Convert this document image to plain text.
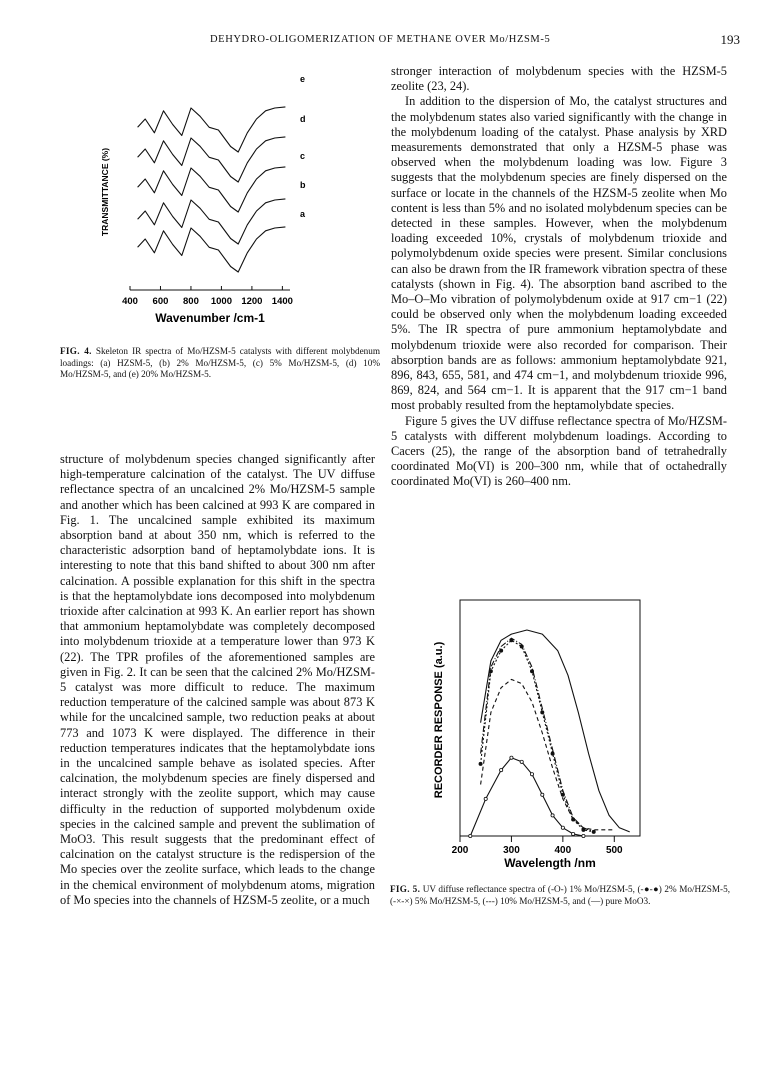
DEHYDRO-OLIGOMERIZATION OF METHANE OVER Mo/HZSM-5	193
TRANSMITTANCE (%)
e
d
c
b
a
400 600 800 1000 1200 1400
Wavenumber /cm-1
FIG. 4. Skeleton IR spectra of Mo/HZSM-5 catalysts with different molybdenum loadings: (a) HZSM-5, (b) 2% Mo/HZSM-5, (c) 5% Mo/HZSM-5, (d) 10% Mo/HZSM-5, and (e) 20% Mo/HZSM-5.

structure of molybdenum species changed significantly after high-temperature calcination of the catalyst. The UV diffuse reflectance spectra of an uncalcined 2% Mo/HZSM-5 sample and another which has been calcined at 993 K are compared in Fig. 1. The uncalcined sample exhibited its maximum absorption band at about 350 nm, which is referred to the characteristic adsorption band of heptamolybdate ions. It is interesting to note that this band shifted to about 300 nm after calcination. A possible explanation for this shift in the spectra is that the heptamolybdate ions decomposed into molybdenum trioxide after calcination at 993 K. An earlier report has shown that ammonium heptamolybdate was completely decomposed into molybdenum trioxide at a temperature lower than 973 K (22). The TPR profiles of the aforementioned samples are given in Fig. 2. It can be seen that the calcined 2% Mo/HZSM-5 catalyst was more difficult to reduce. The maximum reduction temperature of the calcined sample was about 873 K while for the uncalcined sample, two reduction peaks at about 773 and 1073 K were displayed. The difference in their reduction temperatures indicates that the heptamolybdate ions in the uncalcined sample behave as isolated species. After calcination, the molybdenum species are finely dispersed and interact strongly with the zeolite support, which may cause difficulty in the reduction of supported molybdenum oxide species in the calcined sample and prevent the sublimation of MoO3. This result suggests that the predominant effect of calcination on the catalyst structure is the redispersion of the Mo species over the zeolite surface, which leads to the change in the chemical environment of molybdenum atoms, migration of Mo species into the channels of HZSM-5 zeolite, or a much

stronger interaction of molybdenum species with the HZSM-5 zeolite (23, 24).

In addition to the dispersion of Mo, the catalyst structures and the molybdenum states also varied significantly with the change in the molybdenum loading of the catalyst. Phase analysis by XRD measurements demonstrated that only a HZSM-5 phase was observed when the molybdenum loading was low. Figure 3 suggests that the molybdenum species are finely dispersed on the surface or locate in the channels of the HZSM-5 zeolite when Mo content is less than 5% and no isolated molybdenum species can be detected in these samples. However, when the molybdenum loading exceeded 10%, crystals of molybdenum trioxide and polymolybdenum oxide species were present. Similar conclusions can also be drawn from the IR framework vibration spectra of these catalysts (shown in Fig. 4). The absorption band ascribed to the Mo–O–Mo vibration of polymolybdenum oxide at 917 cm−1 (22) could be observed only when the molybdenum loading exceeded 5%. The IR spectra of pure ammonium heptamolybdate and molybdenum trioxide were also recorded for comparison. Their absorption bands are as follows: ammonium heptamolybdate 921, 896, 843, 655, 581, and 474 cm−1, and molybdenum trioxide 996, 869, 824, and 564 cm−1. It is apparent that the 917 cm−1 band most probably resulted from the heptamolybdate species.

Figure 5 gives the UV diffuse reflectance spectra of Mo/HZSM-5 catalysts with different molybdenum loadings. According to Cacers (25), the range of the absorption band of tetrahedrally coordinated Mo(VI) is 200–300 nm, while that of octahedrally coordinated Mo(VI) is 260–400 nm.

RECORDER RESPONSE (a.u.)
200	300	400	500
Wavelength /nm
FIG. 5. UV diffuse reflectance spectra of (-O-) 1% Mo/HZSM-5, (-●-●) 2% Mo/HZSM-5, (-×-×) 5% Mo/HZSM-5, (---) 10% Mo/HZSM-5, and (—) pure MoO3.
